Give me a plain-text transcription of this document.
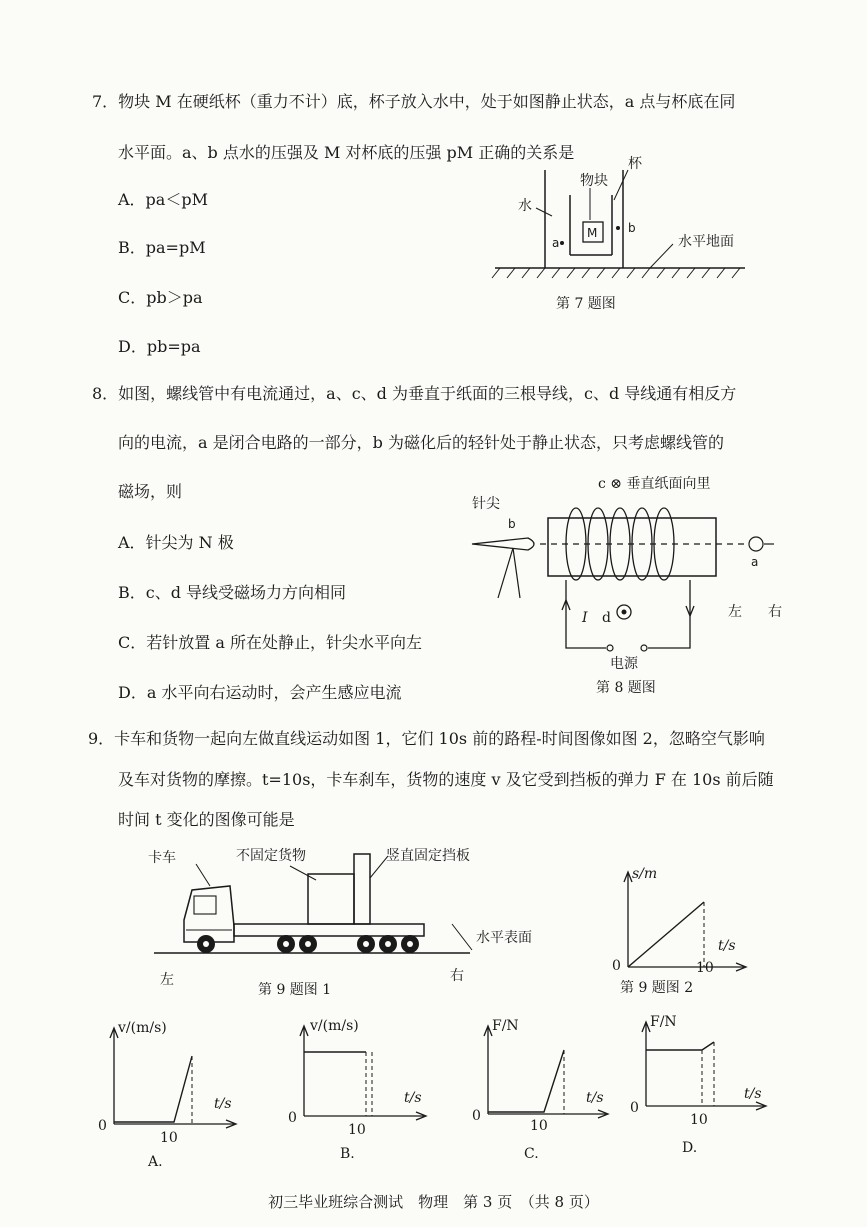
7．物块 M 在硬纸杯（重力不计）底，杯子放入水中，处于如图静止状态，a 点与杯底在同
水平面。a、b 点水的压强及 M 对杯底的压强 pM 正确的关系是
A．pa＜pM
B．pa=pM
C．pb＞pa
D．pb=pa
M
a
b
水
物块
杯
水平地面
第 7 题图
8．如图，螺线管中有电流通过，a、c、d 为垂直于纸面的三根导线，c、d 导线通有相反方
向的电流，a 是闭合电路的一部分，b 为磁化后的轻针处于静止状态，只考虑螺线管的
磁场，则
A．针尖为 N 极
B．c、d 导线受磁场力方向相同
C．若针放置 a 所在处静止，针尖水平向左
D．a 水平向右运动时，会产生感应电流
c ⊗ 垂直纸面向里
针尖
b
a
I d	左 右
电源
第 8 题图
9．卡车和货物一起向左做直线运动如图 1，它们 10s 前的路程-时间图像如图 2，忽略空气影响
及车对货物的摩擦。t=10s，卡车刹车，货物的速度 v 及它受到挡板的弹力 F 在 10s 前后随
时间 t 变化的图像可能是
卡车	不固定货物	竖直固定挡板
水平表面
左	右
第 9 题图 1
s/m
t/s
0	10
第 9 题图 2
v/(m/s)
t/s
0
10
A.
v/(m/s)
t/s
0
10
B.
F/N
t/s
0
10
C.
F/N
t/s
0
10
D.
初三毕业班综合测试　物理　第 3 页　（共 8 页）
